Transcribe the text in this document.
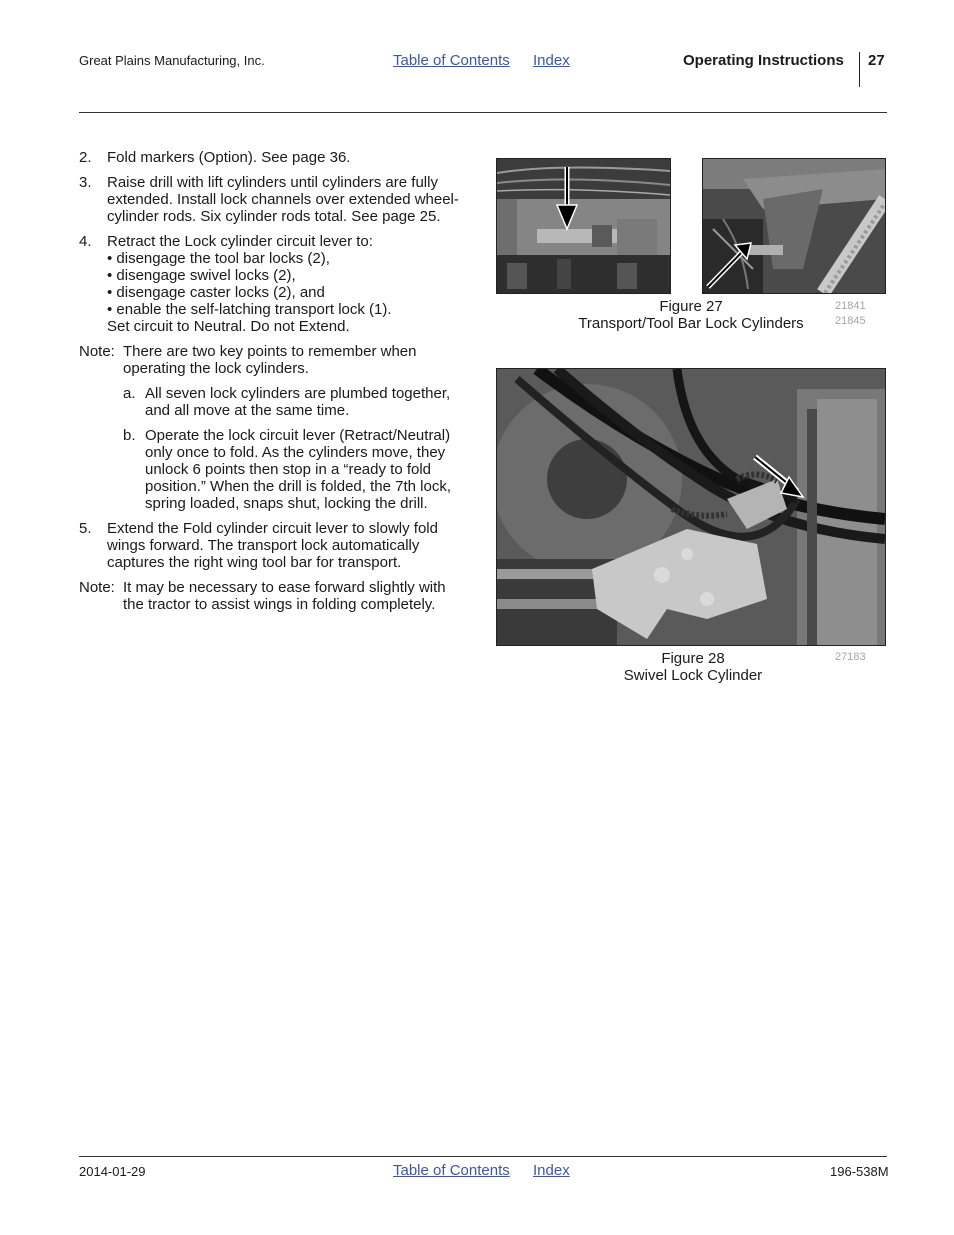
Great Plains Manufacturing, Inc.	Table of Contents Index	Operating Instructions 27
2.	Fold markers (Option). See page 36.
3.	Raise drill with lift cylinders until cylinders are fully extended. Install lock channels over extended wheel-cylinder rods. Six cylinder rods total. See page 25.
4.	Retract the Lock cylinder circuit lever to:
• disengage the tool bar locks (2),
• disengage swivel locks (2),
• disengage caster locks (2), and
• enable the self-latching transport lock (1).
Set circuit to Neutral. Do not Extend.
Note: There are two key points to remember when operating the lock cylinders.
a. All seven lock cylinders are plumbed together, and all move at the same time.
b. Operate the lock circuit lever (Retract/Neutral) only once to fold. As the cylinders move, they unlock 6 points then stop in a “ready to fold position.” When the drill is folded, the 7th lock, spring loaded, snaps shut, locking the drill.
5.	Extend the Fold cylinder circuit lever to slowly fold wings forward. The transport lock automatically captures the right wing tool bar for transport.
Note: It may be necessary to ease forward slightly with the tractor to assist wings in folding completely.
Figure 27
Transport/Tool Bar Lock Cylinders
21841
21845
Figure 28
Swivel Lock Cylinder
27183
2014-01-29	Table of Contents Index	196-538M
